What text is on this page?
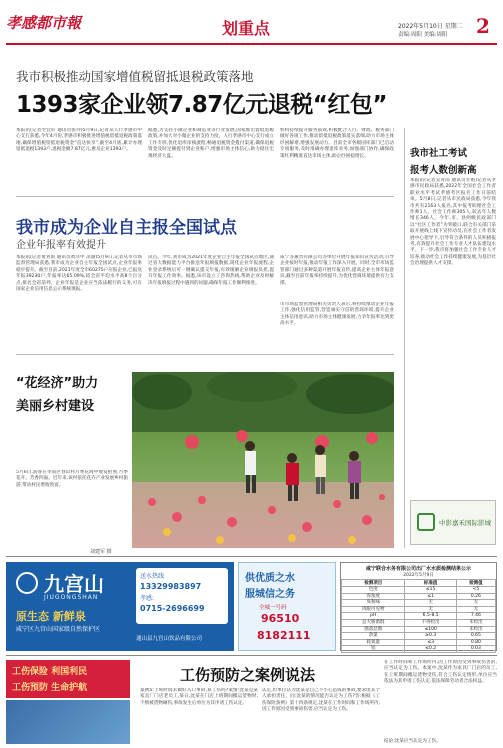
孝感都市報	划重点	2022年5月10日 星期二
责编:周阳 美编:周阳 2
我市积极推动国家增值税留抵退税政策落地
1393家企业领7.87亿元退税“红包”
本报讯(记者宅宜轩 通讯员张玲)5月9日,记者从人行孝感市中心支行获悉,今年4月份,孝感市积极推进增值税留抵退税政策落地,确保增值税留抵退税资金“直达快享”,截至4月底,累计办理留抵退税1393户,退税金额7.87亿元,惠及企业1393户。
据悉,为支持小微企业和制造业等行业发展,国家推出留抵退税政策,并加大对小微企业的支持力度。人行孝感市中心支行成立工作专班,优化退库审核流程,畅通退税资金拨付渠道,确保退税资金及时足额拨付到企业账户,增强市场主体信心,助力稳住宏观经济大盘。
机构持续提升服务质效,积极配合人行、财政、税务部门做好各项工作,推动留抵退税政策落实落细,助力市场主体纾困解难,增强发展动力。目前全市各级国库部门已启动专项服务,及时准确办理退库业务,加强部门协作,确保政策红利精准直达市场主体,助企纾困稳增长。
我市成为企业自主报全国试点
企业年报率有效提升
本报讯(记者黄青雨 通讯员黄洋中 凉渝)5月9日,记者从市市场监督管理局获悉,我市成为企业自主年报全国试点,企业年报率稳步提升。截至目前,2021年度全市60275户应报企业,已报送年报39230户,年报率达65.09%,较全省平均水平高8个百分点,排名全省前列。企业年报是企业应当依法履行的义务,可在国家企业信用信息公示系统填报。
试点。今年,我市成为2021年度企业自主年报全国试点地区,通过省大数据能力平台推送年报填报数据,简化企业年报流程,企业登录系统后可一键确认提交年报,有效缓解企业填报负担,提升年报工作效率。据悉,该市设立了咨询热线,帮助企业及时解决年报填报过程中遇到的问题,确保年报工作顺利推进。
咸宁等兼营有限公司等单位开展年报知识宣传活动,引导企业按时年报,推动年报工作深入开展。同时,全市市场监管部门通过多种渠道开展年报宣传,提高企业主体年报意识,截至目前年报率持续提升,为优化营商环境提供有力支撑。
市市场监督管理局相关负责人表示,将持续推动企业年报工作,强化信用监管,营造诚实守信的营商环境,提升企业主体信用意识,助力市场主体健康发展,力争年报率达到更高水平。
“花经济”助力
美丽乡村建设
5月6日,游客在孝南区春山村月季花海中观赏拍照,月季花开、芳香四溢。近年来,该村依托花卉产业发展乡村旅游,带动村民增收致富。
刘建军 摄
我市社工考试
报考人数创新高
本报讯(记者吴青雨 通讯员甘娟)记者从孝感市民政局获悉,2022年全国社会工作者职业水平考试孝感考区报名工作日前结束。5月8日,记者从市民政局获悉,今年我市共有2163人报名,其中报考助理社会工作师1人、社会工作师305人,较去年人数增长346人。今年,市、县两级民政部门以“社区工作者”为突破口,联合有关部门采取开展线上线下宣传动员,在社会工作者发展中心指导下,引导符合条件的人员积极报考,有效提升社会工作专业人才队伍建设水平。下一步,我市将加强社会工作专业人才培养,推动社会工作持续健康发展,为基层社会治理提供人才支撑。
中影嘉禾国际影城
九宫山
JIUGONGSHAN
原生态 新鲜泉
咸宁区九宫山国家级自然保护区
送水热线
13329983897
孝感:
0715-2696699
通山县九宫山饮品有限公司
供优质之水
服城信之务
全城一号码
96510
8182111
咸宁联合水务有限公司出厂水水质检测结果公示
2022年5月9日
检测项目	标准值	检测值
色度	≤15	<5
浑浊度	≤1	0.26
臭和味	无	无
肉眼可见物	无	无
pH	6.5-8.5	7.46
总大肠菌群	不得检出	未检出
菌落总数	≤100	未检出
余氯	≥0.3	0.65
耗氧量	≤3	0.80
铝	≤0.2	0.03
工伤保险 利国利民
工伤预防 生命护航
工伤预防之案例说法
案例5:上班时间未做好入口事故,算工伤吗?案情:沈某是某家具厂门店老员工,某日,沈某在门店上班期间搬运货物时,不慎被货物砸伤,事故发生后单位为其申请工伤认定。
认定,但单位认为沈某是自己不小心造成的事故,要求由其个人承担责任。问:沈某的情况能否认定为工伤?答:根据《工伤保险条例》第十四条规定,沈某在工作时间和工作场所内,因工作原因受到事故伤害,应当认定为工伤。
在工作时间和工作场所内,因工作原因受到事故伤害的,应当认定为工伤。本案中,沈某作为家具厂门店的员工,在上班期间搬运货物受伤,符合工伤认定情形,单位应当依法为其申请工伤认定,依法保障劳动者合法权益。
结论:沈某应当认定为工伤。
